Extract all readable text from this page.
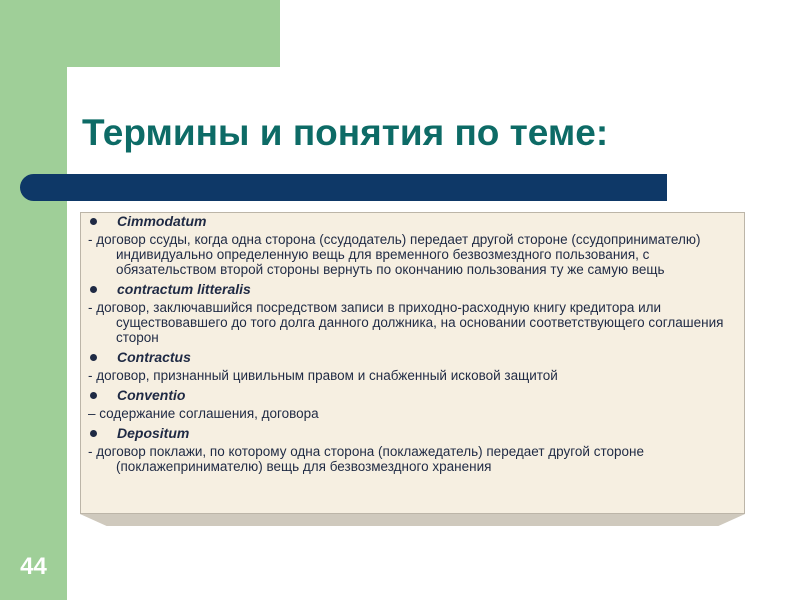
44
Термины и понятия по теме:
Cimmodatum
- договор ссуды, когда одна сторона (ссудодатель) передает другой стороне (ссудопринимателю) индивидуально определенную вещь для временного безвозмездного пользования, с обязательством второй стороны вернуть по окончанию пользования ту же самую вещь
contractum litteralis
- договор, заключавшийся посредством записи в приходно-расходную книгу кредитора или существовавшего до того долга данного должника, на основании соответствующего соглашения сторон
Contractus
- договор, признанный цивильным правом и снабженный исковой защитой
Conventio
– содержание соглашения, договора
Depositum
- договор поклажи, по которому одна сторона (поклажедатель) передает другой стороне (поклажепринимателю) вещь для безвозмездного хранения
